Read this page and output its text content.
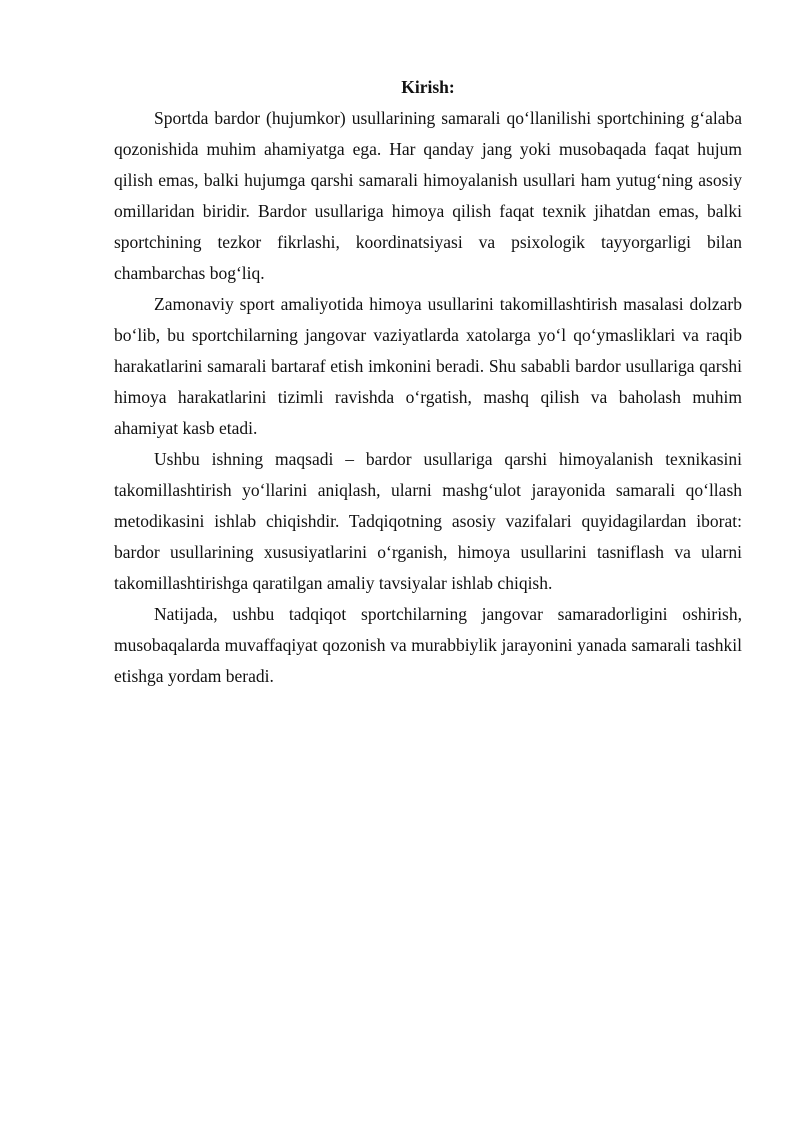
Kirish:

Sportda bardor (hujumkor) usullarining samarali qo‘llanilishi sportchining g‘alaba qozonishida muhim ahamiyatga ega. Har qanday jang yoki musobaqada faqat hujum qilish emas, balki hujumga qarshi samarali himoyalanish usullari ham yutug‘ning asosiy omillaridan biridir. Bardor usullariga himoya qilish faqat texnik jihatdan emas, balki sportchining tezkor fikrlashi, koordinatsiyasi va psixologik tayyorgarligi bilan chambarchas bog‘liq.

Zamonaviy sport amaliyotida himoya usullarini takomillashtirish masalasi dolzarb bo‘lib, bu sportchilarning jangovar vaziyatlarda xatolarga yo‘l qo‘ymasliklari va raqib harakatlarini samarali bartaraf etish imkonini beradi. Shu sababli bardor usullariga qarshi himoya harakatlarini tizimli ravishda o‘rgatish, mashq qilish va baholash muhim ahamiyat kasb etadi.

Ushbu ishning maqsadi – bardor usullariga qarshi himoyalanish texnikasini takomillashtirish yo‘llarini aniqlash, ularni mashg‘ulot jarayonida samarali qo‘llash metodikasini ishlab chiqishdir. Tadqiqotning asosiy vazifalari quyidagilardan iborat: bardor usullarining xususiyatlarini o‘rganish, himoya usullarini tasniflash va ularni takomillashtirishga qaratilgan amaliy tavsiyalar ishlab chiqish.

Natijada, ushbu tadqiqot sportchilarning jangovar samaradorligini oshirish, musobaqalarda muvaffaqiyat qozonish va murabbiylik jarayonini yanada samarali tashkil etishga yordam beradi.
